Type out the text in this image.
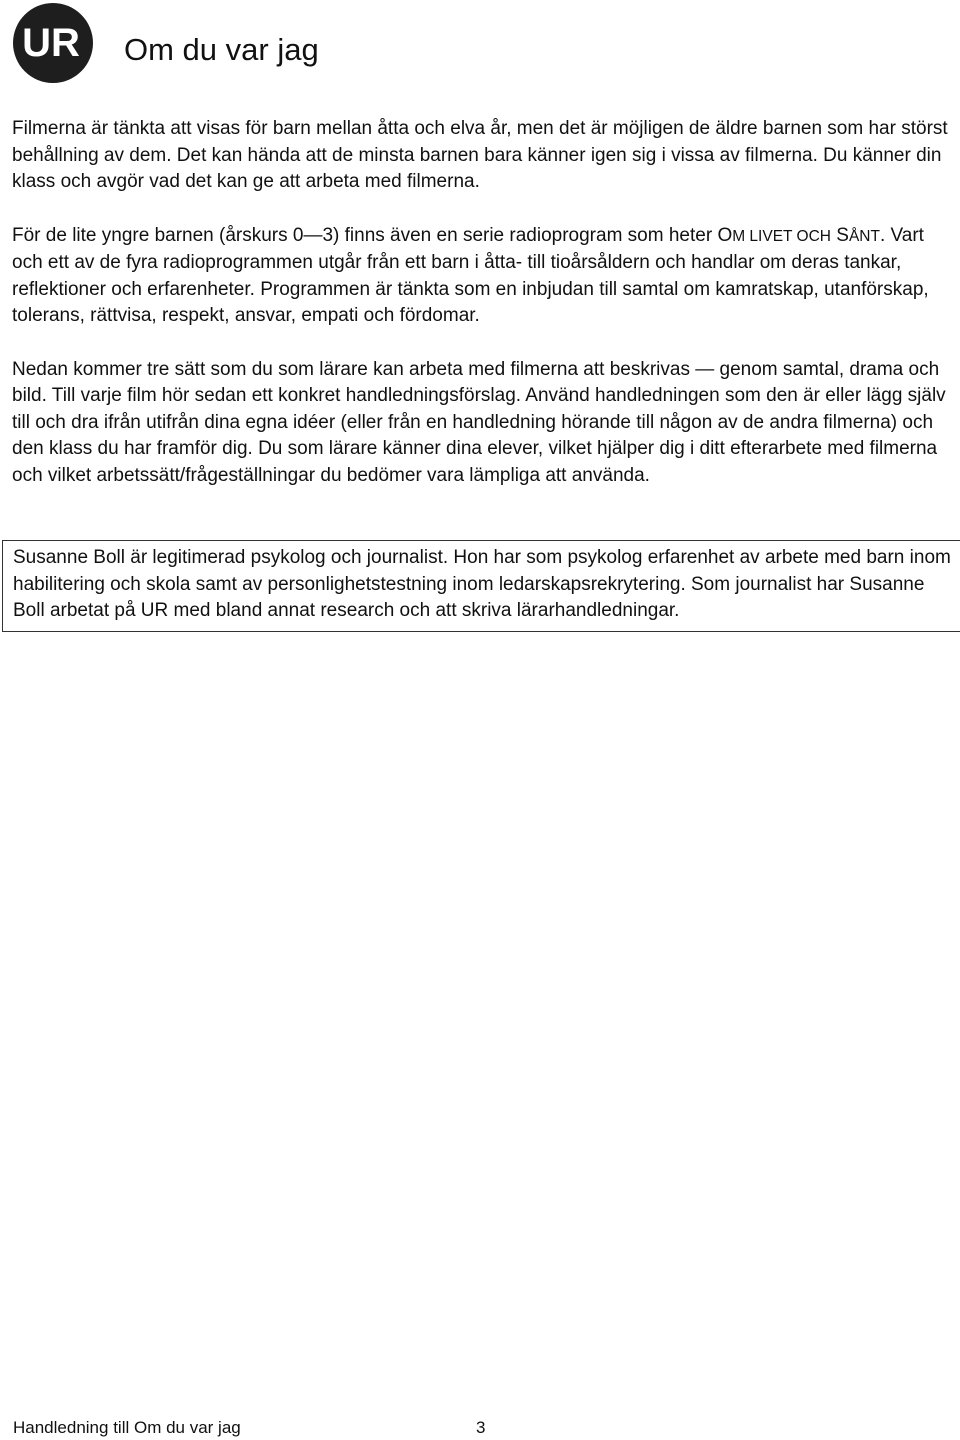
UR Om du var jag

Filmerna är tänkta att visas för barn mellan åtta och elva år, men det är möjligen de äldre barnen som har störst behållning av dem. Det kan hända att de minsta barnen bara känner igen sig i vissa av filmerna. Du känner din klass och avgör vad det kan ge att arbeta med filmerna.

För de lite yngre barnen (årskurs 0—3) finns även en serie radioprogram som heter OM LIVET OCH SÅNT. Vart och ett av de fyra radioprogrammen utgår från ett barn i åtta- till tioårsåldern och handlar om deras tankar, reflektioner och erfarenheter. Programmen är tänkta som en inbjudan till samtal om kamratskap, utanförskap, tolerans, rättvisa, respekt, ansvar, empati och fördomar.

Nedan kommer tre sätt som du som lärare kan arbeta med filmerna att beskrivas — genom samtal, drama och bild. Till varje film hör sedan ett konkret handledningsförslag. Använd handledningen som den är eller lägg själv till och dra ifrån utifrån dina egna idéer (eller från en handledning hörande till någon av de andra filmerna) och den klass du har framför dig. Du som lärare känner dina elever, vilket hjälper dig i ditt efterarbete med filmerna och vilket arbetssätt/frågeställningar du bedömer vara lämpliga att använda.

Susanne Boll är legitimerad psykolog och journalist. Hon har som psykolog erfarenhet av arbete med barn inom habilitering och skola samt av personlighetstestning inom ledarskapsrekrytering. Som journalist har Susanne Boll arbetat på UR med bland annat research och att skriva lärarhandledningar.
Handledning till Om du var jag	3
